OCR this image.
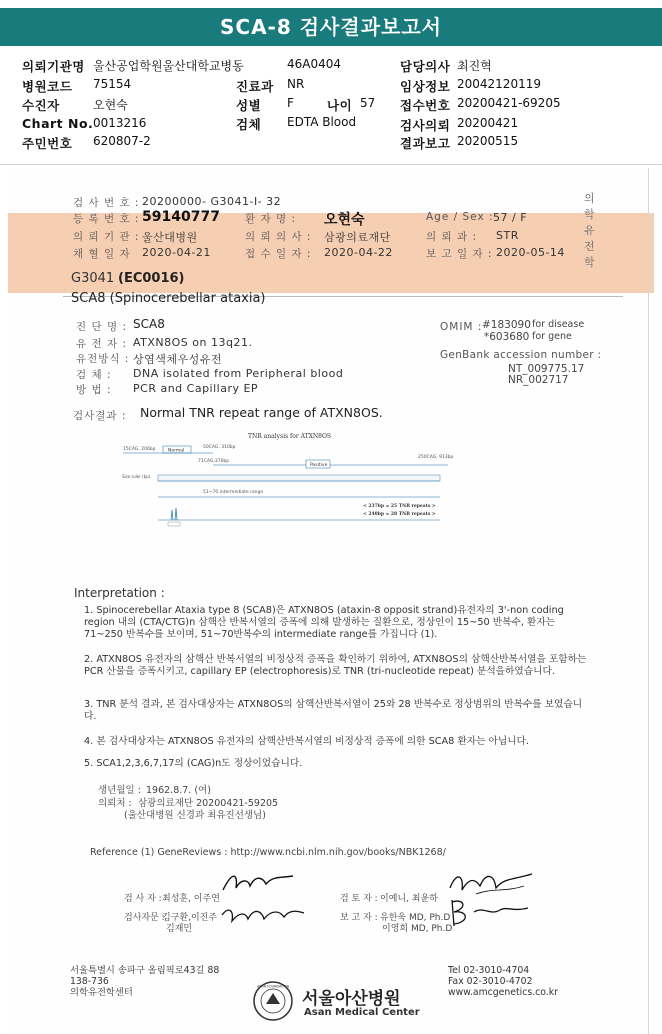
SCA-8 검사결과보고서
의뢰기관명 울산공업학원울산대학교병동	46A0404	담당의사 최진혁
병원코드 75154	진료과 NR	임상정보 20042120119
수진자	오현숙	성별 F	나이 57 접수번호 20200421-69205
Chart No. 0013216	검체 EDTA Blood	검사의뢰 20200421
주민번호 620807-2	결과보고 20200515
의
학
유
전
학
검 사 번 호 : 20200000- G3041-I- 32
등 록 번 호 : 59140777 환 자 명 : 오현숙	Age / Sex : 57 / F
의 뢰 기 관 : 울산대병원	의 뢰 의 사 : 삼광의료재단	의 뢰 과 : STR
채 혈 일 자 2020-04-21	접 수 일 자 : 2020-04-22	보 고 일 자 : 2020-05-14
G3041 (EC0016)
SCA8 (Spinocerebellar ataxia)
진 단 명 : SCA8
유 전 자 : ATXN8OS on 13q21.
유전방식 : 상염색체우성유전
검 체 : DNA isolated from Peripheral blood
방 법 : PCR and Capillary EP
OMIM : #183090 for disease
*603680 for gene
GenBank accession number :
NT_009775.17
NR_002717
검사결과 : Normal TNR repeat range of ATXN8OS.
TNR analysis for ATXN8OS
15CAG, 206bp	Normal
50CAG, 310bp
71CAG,376bp
250CAG, 913bp
Positive
Size ruler (bp)
51~70 intermediate range
< 237bp = 25 TNR repeats >
< 248bp = 28 TNR repeats >
Interpretation :
1. Spinocerebellar Ataxia type 8 (SCA8)은 ATXN8OS (ataxin-8 opposit strand)유전자의 3'-non coding region 내의 (CTA/CTG)n 삼핵산 반복서열의 증폭에 의해 발생하는 질환으로, 정상인이 15~50 반복수, 환자는 71~250 반복수를 보이며, 51~70반복수의 intermediate range를 가집니다 (1).
2. ATXN8OS 유전자의 삼핵산 반복서열의 비정상적 증폭을 확인하기 위하여, ATXN8OS의 삼핵산반복서열을 포함하는 PCR 산물을 증폭시키고, capillary EP (electrophoresis)로 TNR (tri-nucleotide repeat) 분석을하였습니다.
3. TNR 분석 결과, 본 검사대상자는 ATXN8OS의 삼핵산반복서열이 25와 28 반복수로 정상범위의 반복수를 보였습니다.
4. 본 검사대상자는 ATXN8OS 유전자의 삼핵산반복서열의 비정상적 증폭에 의한 SCA8 환자는 아닙니다.
5. SCA1,2,3,6,7,17의 (CAG)n도 정상이었습니다.
생년월일 : 1962.8.7. (여)
의뢰처 : 삼광의료재단 20200421-59205
(울산대병원 신경과 최유진선생님)
Reference (1) GeneReviews : http://www.ncbi.nlm.nih.gov/books/NBK1268/
검 사 자 : 최성훈, 이주연	검 토 자 : 이예니, 최윤하
검사자문 :
김구환,이진주
김재민
보 고 자 : 유한욱 MD, Ph.D
이영희 MD, Ph.D
서울특별시 송파구 올림픽로43길 88
138-736
의학유전학센터
ASAN FOUNDATION
서울아산병원
Asan Medical Center
Tel 02-3010-4704
Fax 02-3010-4702
www.amcgenetics.co.kr
